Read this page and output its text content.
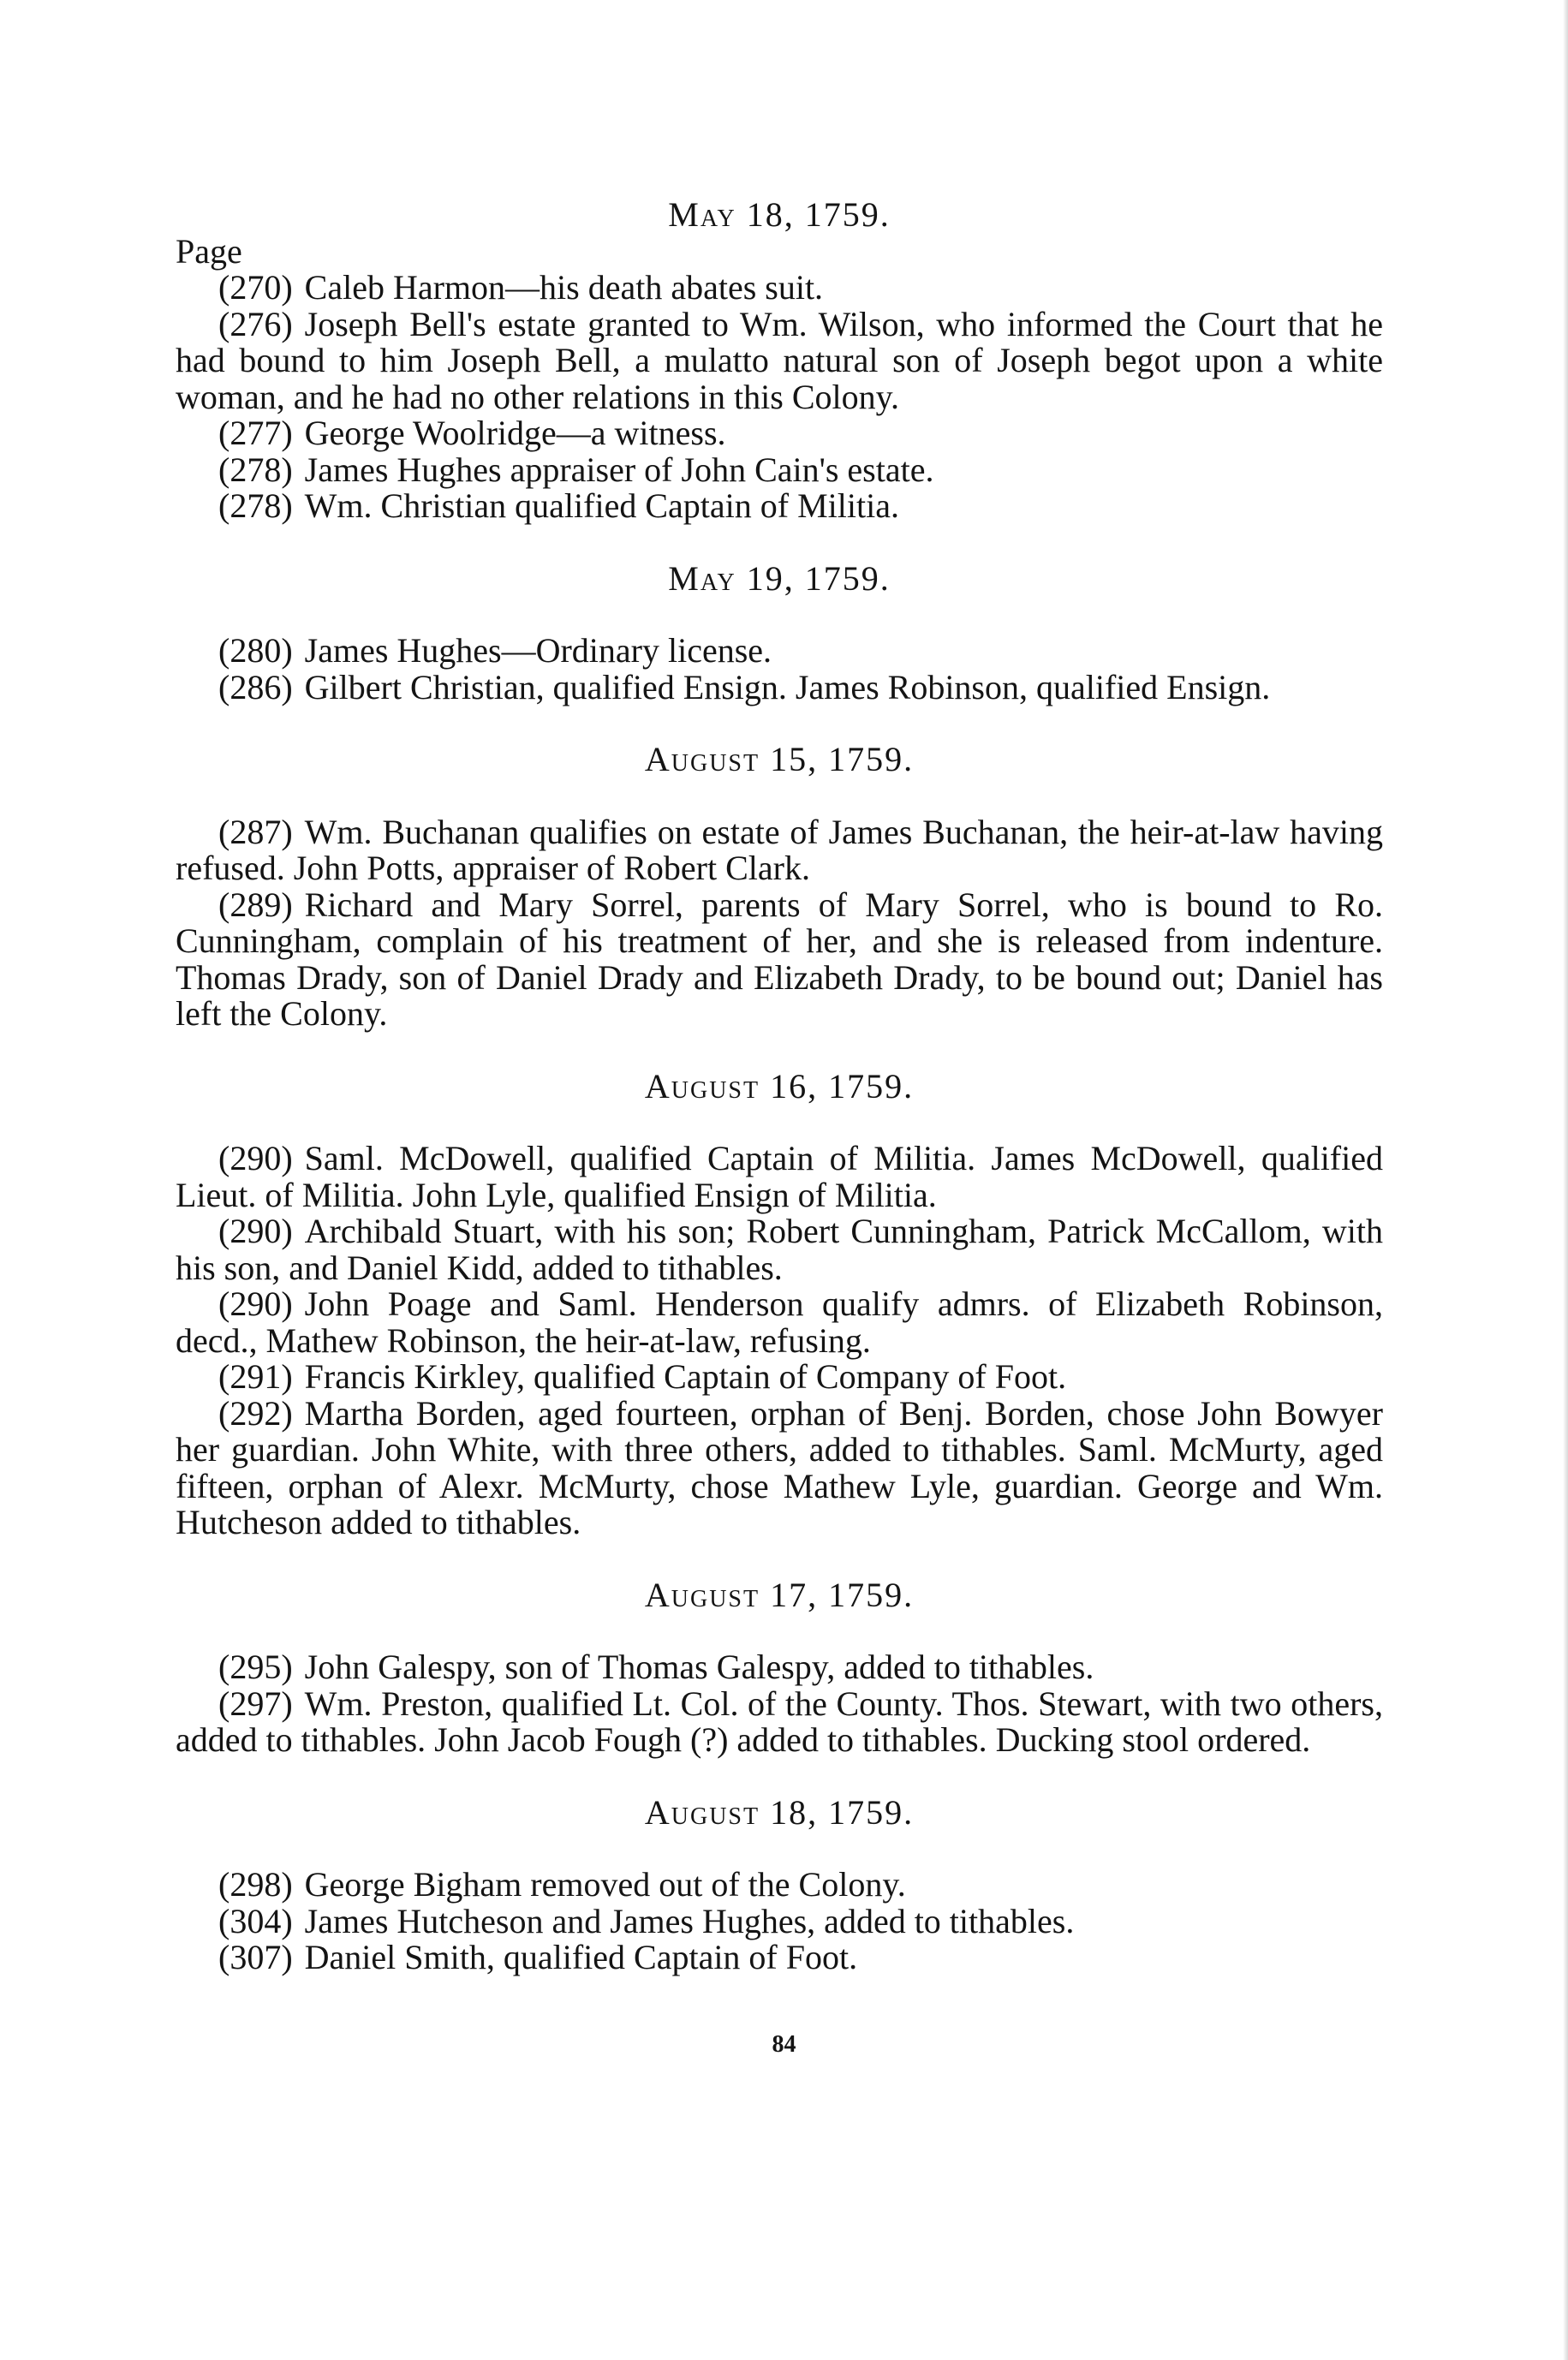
May 18, 1759.

Page

(270) Caleb Harmon—his death abates suit.

(276) Joseph Bell's estate granted to Wm. Wilson, who informed the Court that he had bound to him Joseph Bell, a mulatto natural son of Joseph begot upon a white woman, and he had no other relations in this Colony.

(277) George Woolridge—a witness.

(278) James Hughes appraiser of John Cain's estate.

(278) Wm. Christian qualified Captain of Militia.

May 19, 1759.

(280) James Hughes—Ordinary license.

(286) Gilbert Christian, qualified Ensign. James Robinson, qualified Ensign.

August 15, 1759.

(287) Wm. Buchanan qualifies on estate of James Buchanan, the heir-at-law having refused. John Potts, appraiser of Robert Clark.

(289) Richard and Mary Sorrel, parents of Mary Sorrel, who is bound to Ro. Cunningham, complain of his treatment of her, and she is released from indenture. Thomas Drady, son of Daniel Drady and Elizabeth Drady, to be bound out; Daniel has left the Colony.

August 16, 1759.

(290) Saml. McDowell, qualified Captain of Militia. James McDowell, qualified Lieut. of Militia. John Lyle, qualified Ensign of Militia.

(290) Archibald Stuart, with his son; Robert Cunningham, Patrick McCallom, with his son, and Daniel Kidd, added to tithables.

(290) John Poage and Saml. Henderson qualify admrs. of Elizabeth Robinson, decd., Mathew Robinson, the heir-at-law, refusing.

(291) Francis Kirkley, qualified Captain of Company of Foot.

(292) Martha Borden, aged fourteen, orphan of Benj. Borden, chose John Bowyer her guardian. John White, with three others, added to tithables. Saml. McMurty, aged fifteen, orphan of Alexr. McMurty, chose Mathew Lyle, guardian. George and Wm. Hutcheson added to tithables.

August 17, 1759.

(295) John Galespy, son of Thomas Galespy, added to tithables.

(297) Wm. Preston, qualified Lt. Col. of the County. Thos. Stewart, with two others, added to tithables. John Jacob Fough (?) added to tithables. Ducking stool ordered.

August 18, 1759.

(298) George Bigham removed out of the Colony.

(304) James Hutcheson and James Hughes, added to tithables.

(307) Daniel Smith, qualified Captain of Foot.

84
